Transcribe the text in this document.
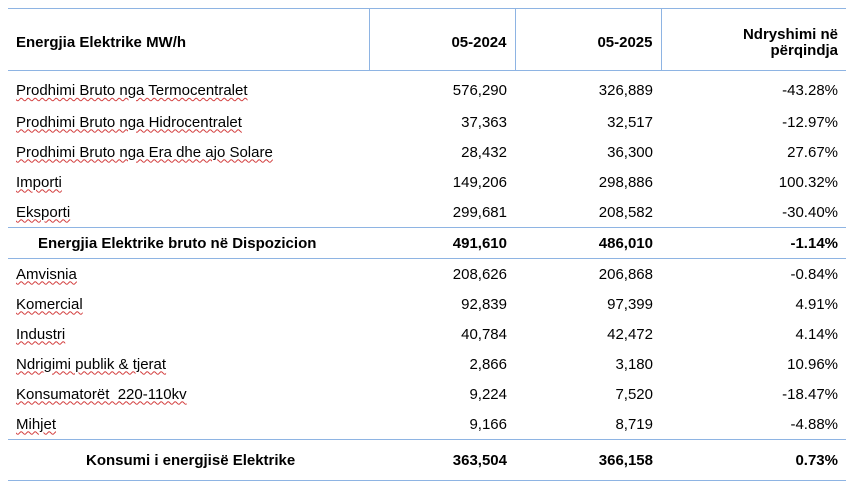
Energjia Elektrike MW/h	05-2024	05-2025	Ndryshimi në
përqindja
Prodhimi Bruto nga Termocentralet	576,290	326,889	-43.28%
Prodhimi Bruto nga Hidrocentralet	37,363	32,517	-12.97%
Prodhimi Bruto nga Era dhe ajo Solare	28,432	36,300	27.67%
Importi	149,206	298,886	100.32%
Eksporti	299,681	208,582	-30.40%
Energjia Elektrike bruto në Dispozicion	491,610	486,010	-1.14%
Amvisnia	208,626	206,868	-0.84%
Komercial	92,839	97,399	4.91%
Industri	40,784	42,472	4.14%
Ndrigimi publik & tjerat	2,866	3,180	10.96%
Konsumatorët  220-110kv	9,224	7,520	-18.47%
Mihjet	9,166	8,719	-4.88%
Konsumi i energjisë Elektrike	363,504	366,158	0.73%
